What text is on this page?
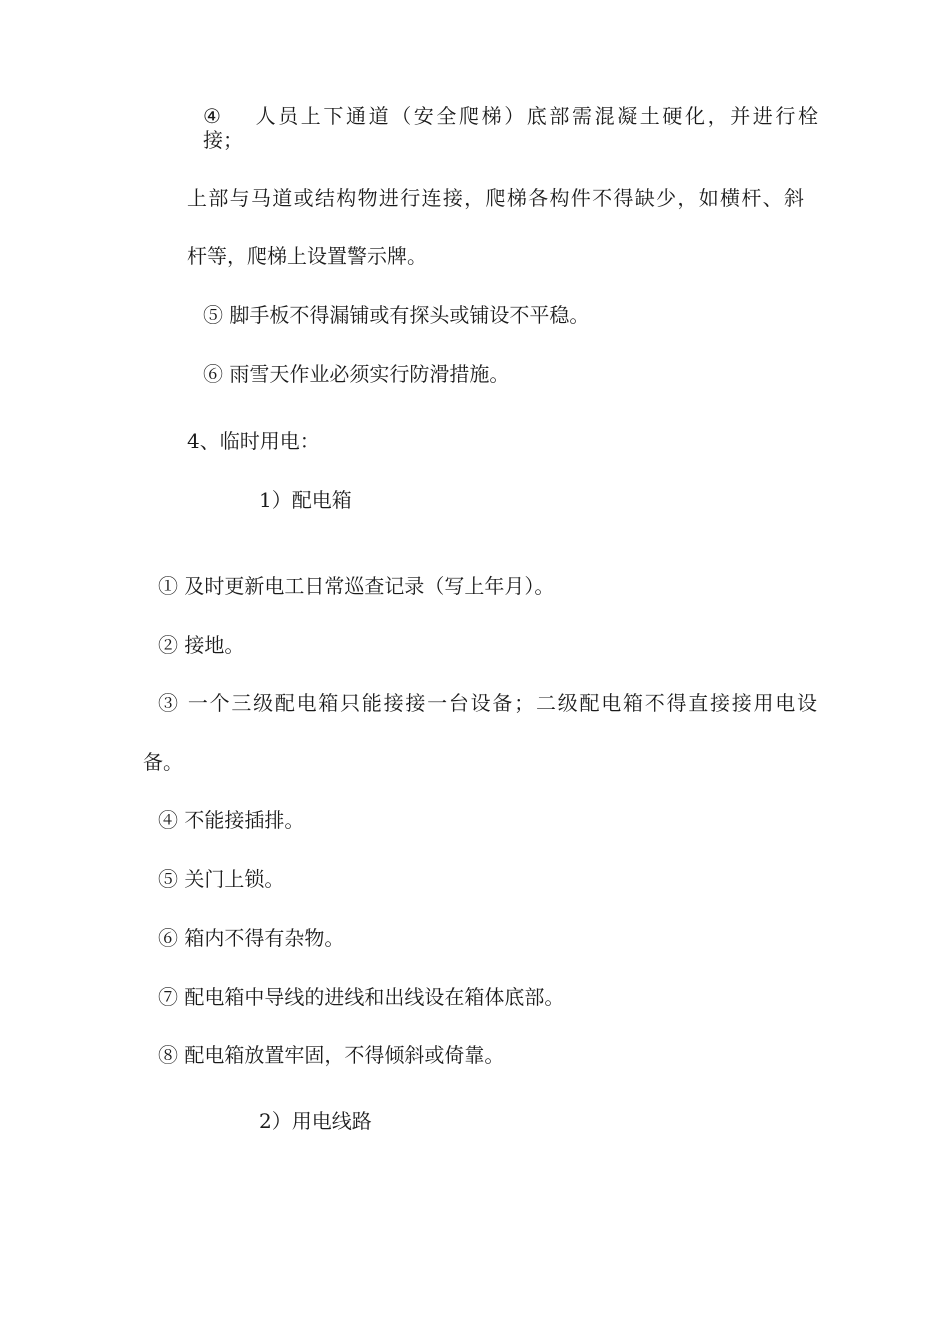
④ 人员上下通道（安全爬梯）底部需混凝土硬化，并进行栓
接；
上部与马道或结构物进行连接，爬梯各构件不得缺少，如横杆、斜
杆等，爬梯上设置警示牌。
⑤ 脚手板不得漏铺或有探头或铺设不平稳。
⑥ 雨雪天作业必须实行防滑措施。
4、临时用电：
1）配电箱
① 及时更新电工日常巡查记录（写上年月）。
② 接地。
③ 一个三级配电箱只能接接一台设备；二级配电箱不得直接接用电设
备。
④ 不能接插排。
⑤ 关门上锁。
⑥ 箱内不得有杂物。
⑦ 配电箱中导线的进线和出线设在箱体底部。
⑧ 配电箱放置牢固，不得倾斜或倚靠。
2）用电线路
